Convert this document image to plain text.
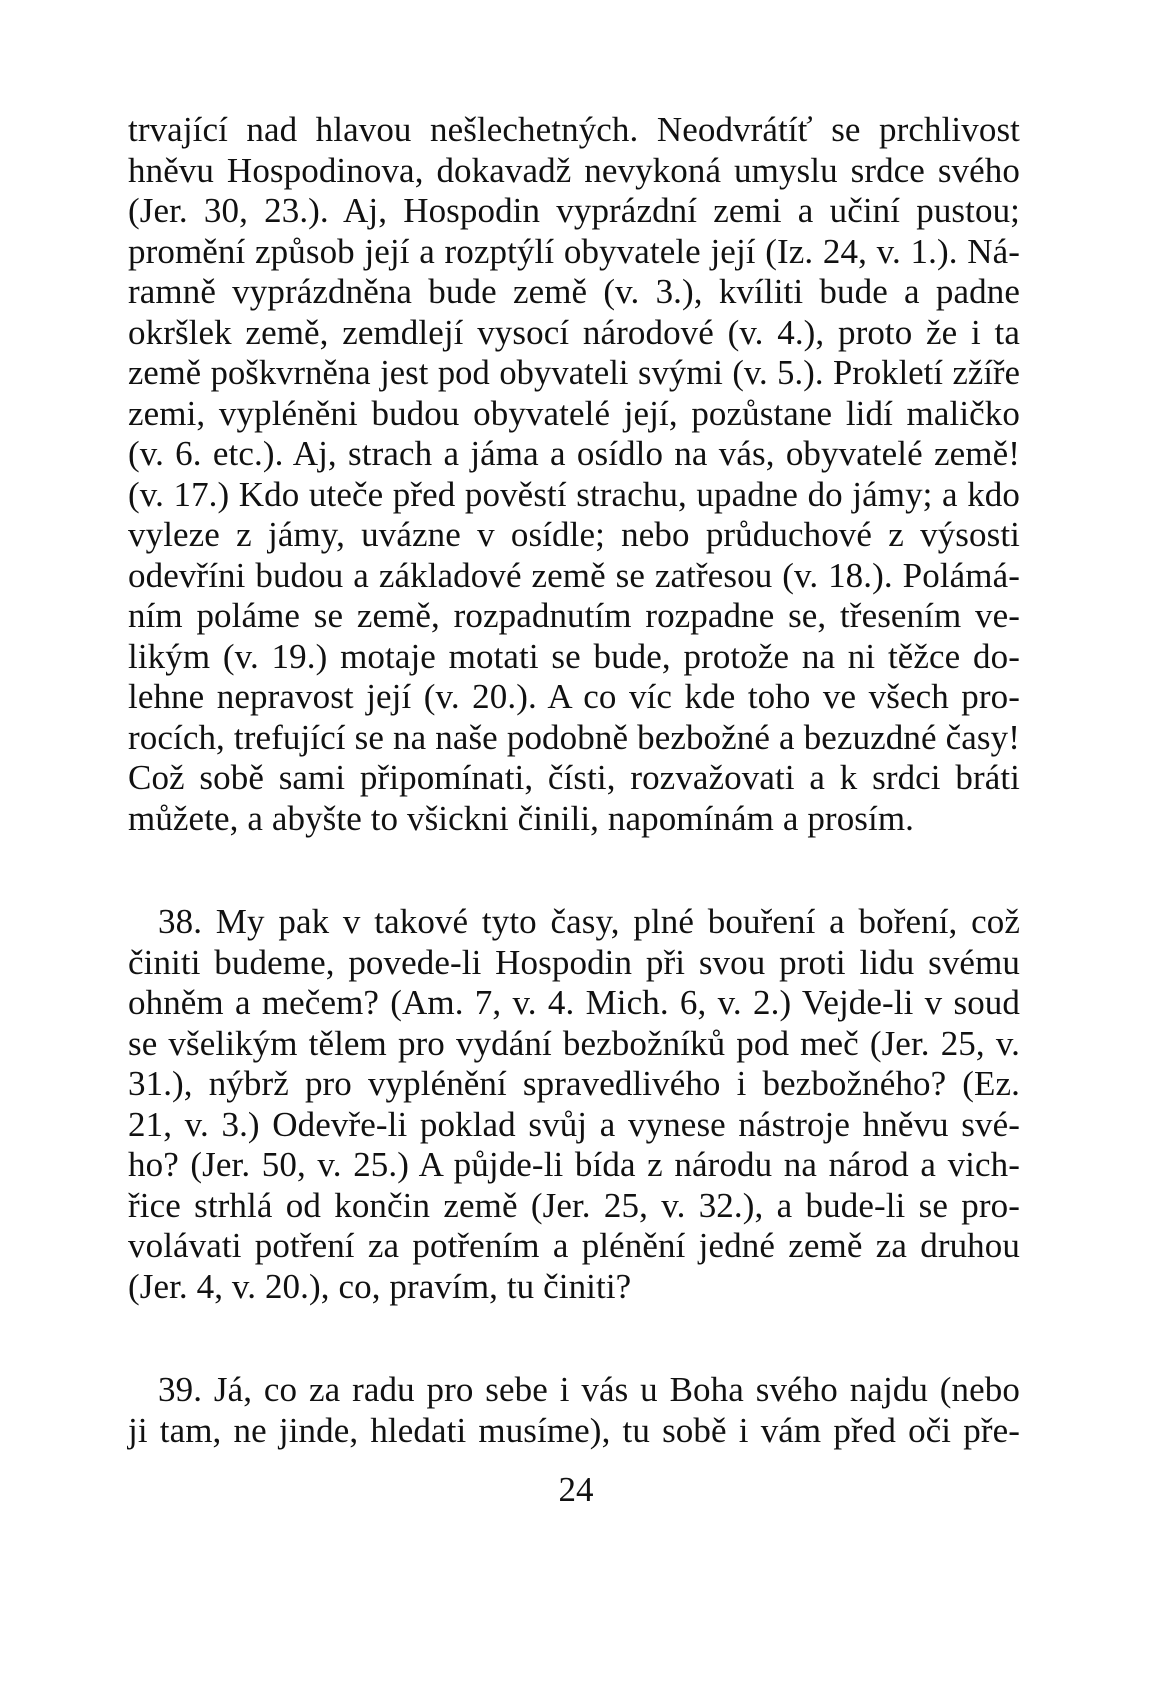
trvající nad hlavou nešlechetných. Neodvrátíť se prchlivost
hněvu Hospodinova, dokavadž nevykoná umyslu srdce svého
(Jer. 30, 23.). Aj, Hospodin vyprázdní zemi a učiní pustou;
promění způsob její a rozptýlí obyvatele její (Iz. 24, v. 1.). Ná-
ramně vyprázdněna bude země (v. 3.), kvíliti bude a padne
okršlek země, zemdlejí vysocí národové (v. 4.), proto že i ta
země poškvrněna jest pod obyvateli svými (v. 5.). Prokletí zžíře
zemi, vypléněni budou obyvatelé její, pozůstane lidí maličko
(v. 6. etc.). Aj, strach a jáma a osídlo na vás, obyvatelé země!
(v. 17.) Kdo uteče před pověstí strachu, upadne do jámy; a kdo
vyleze z jámy, uvázne v osídle; nebo průduchové z výsosti
odevříni budou a základové země se zatřesou (v. 18.). Polámá-
ním poláme se země, rozpadnutím rozpadne se, třesením ve-
likým (v. 19.) motaje motati se bude, protože na ni těžce do-
lehne nepravost její (v. 20.). A co víc kde toho ve všech pro-
rocích, trefující se na naše podobně bezbožné a bezuzdné časy!
Což sobě sami připomínati, čísti, rozvažovati a k srdci bráti
můžete, a abyšte to všickni činili, napomínám a prosím.
38. My pak v takové tyto časy, plné bouření a boření, což
činiti budeme, povede-li Hospodin při svou proti lidu svému
ohněm a mečem? (Am. 7, v. 4. Mich. 6, v. 2.) Vejde-li v soud
se všelikým tělem pro vydání bezbožníků pod meč (Jer. 25, v.
31.), nýbrž pro vyplénění spravedlivého i bezbožného? (Ez.
21, v. 3.) Odevře-li poklad svůj a vynese nástroje hněvu své-
ho? (Jer. 50, v. 25.) A půjde-li bída z národu na národ a vich-
řice strhlá od končin země (Jer. 25, v. 32.), a bude-li se pro-
volávati potření za potřením a plénění jedné země za druhou
(Jer. 4, v. 20.), co, pravím, tu činiti?
39. Já, co za radu pro sebe i vás u Boha svého najdu (nebo
ji tam, ne jinde, hledati musíme), tu sobě i vám před oči pře-
24
